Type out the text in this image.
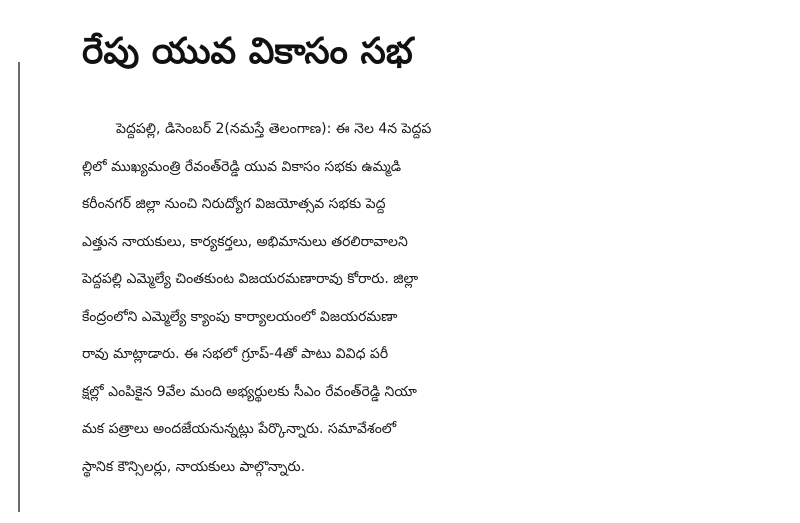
రేపు యువ వికాసం సభ
పెద్దపల్లి, డిసెంబర్ 2(నమస్తే తెలంగాణ): ఈ నెల 4న పెద్దప
ల్లిలో ముఖ్యమంత్రి రేవంత్‌రెడ్డి యువ వికాసం సభకు ఉమ్మడి
కరీంనగర్ జిల్లా నుంచి నిరుద్యోగ విజయోత్సవ సభకు పెద్ద
ఎత్తున నాయకులు, కార్యకర్తలు, అభిమానులు తరలిరావాలని
పెద్దపల్లి ఎమ్మెల్యే చింతకుంట విజయరమణారావు కోరారు. జిల్లా
కేంద్రంలోని ఎమ్మెల్యే క్యాంపు కార్యాలయంలో విజయరమణా
రావు మాట్లాడారు. ఈ సభలో గ్రూప్-4తో పాటు వివిధ పరీ
క్షల్లో ఎంపికైన 9వేల మంది అభ్యర్థులకు సీఎం రేవంత్‌రెడ్డి నియా
మక పత్రాలు అందజేయనున్నట్లు పేర్కొన్నారు. సమావేశంలో
స్థానిక కౌన్సిలర్లు, నాయకులు పాల్గొన్నారు.
